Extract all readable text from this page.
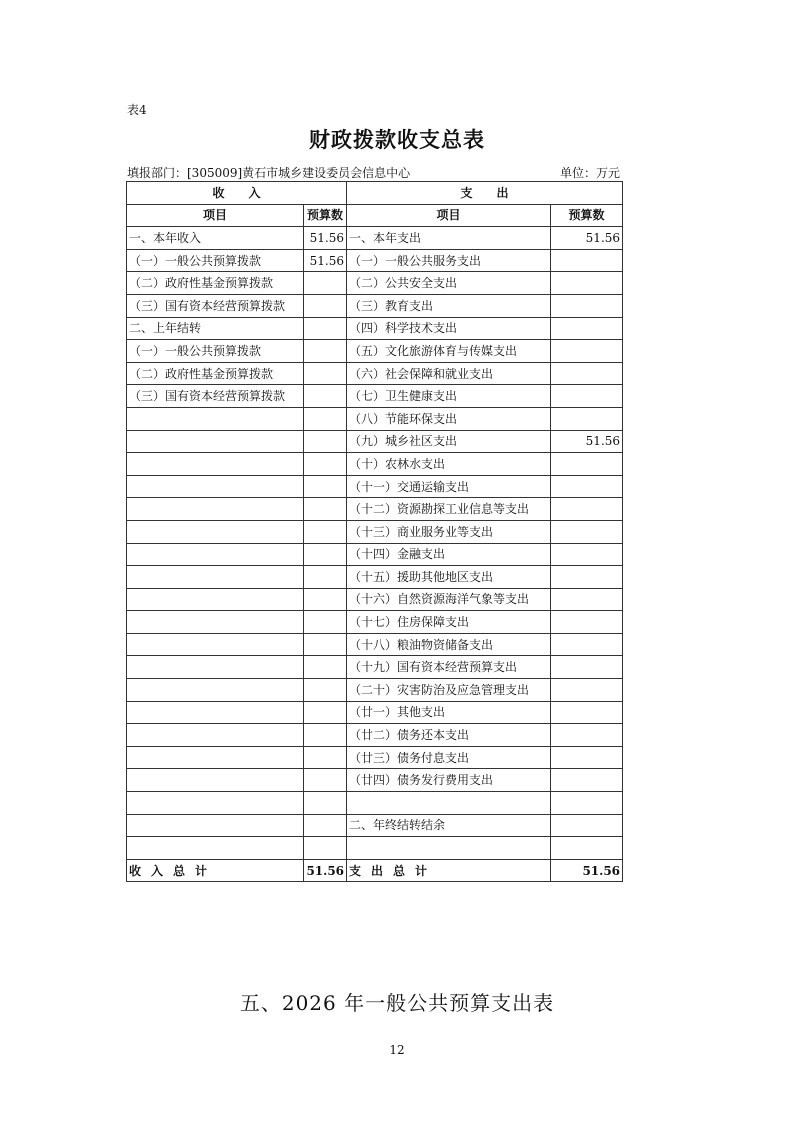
表4
财政拨款收支总表
填报部门：[305009]黄石市城乡建设委员会信息中心	单位：万元
收　　入		支　　出	
项目	预算数	项目	预算数
一、本年收入	51.56	一、本年支出	51.56
（一）一般公共预算拨款	51.56	（一）一般公共服务支出	
（二）政府性基金预算拨款		（二）公共安全支出	
（三）国有资本经营预算拨款		（三）教育支出	
二、上年结转		（四）科学技术支出	
（一）一般公共预算拨款		（五）文化旅游体育与传媒支出	
（二）政府性基金预算拨款		（六）社会保障和就业支出	
（三）国有资本经营预算拨款		（七）卫生健康支出	
		（八）节能环保支出	
		（九）城乡社区支出	51.56
		（十）农林水支出	
		（十一）交通运输支出	
		（十二）资源勘探工业信息等支出	
		（十三）商业服务业等支出	
		（十四）金融支出	
		（十五）援助其他地区支出	
		（十六）自然资源海洋气象等支出	
		（十七）住房保障支出	
		（十八）粮油物资储备支出	
		（十九）国有资本经营预算支出	
		（二十）灾害防治及应急管理支出	
		（廿一）其他支出	
		（廿二）债务还本支出	
		（廿三）债务付息支出	
		（廿四）债务发行费用支出	

		二、年终结转结余	

收入总计	51.56	支出总计	51.56
五、2026 年一般公共预算支出表
12
